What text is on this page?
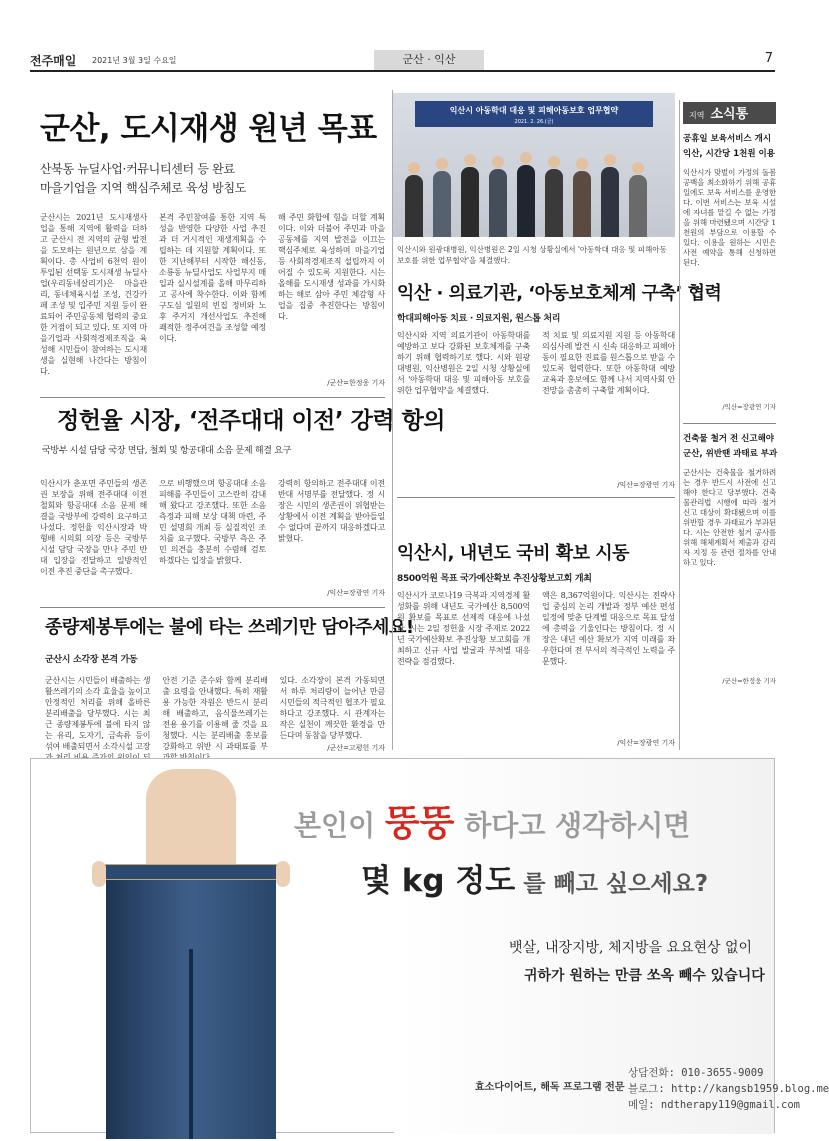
전주매일 2021년 3월 3일 수요일	군산 · 익산	7
군산, 도시재생 원년 목표
산북동 뉴딜사업·커뮤니티센터 등 완료
마을기업을 지역 핵심주체로 육성 방침도
군산시는 2021년 도시재생사업을 통해 지역에 활력을 더하고 군산시 전 지역의 균형 발전을 도모하는 원년으로 삼을 계획이다. 총 사업비 6천억 원이 투입된 선택동 도시재생 뉴딜사업(우리동네살리기)은 마을관리, 동네체육시설 조성, 건강카페 조성 및 입주민 지원 등이 완료되어 주민공동체 협력의 중요한 거점이 되고 있다. 또 지역 마을기업과 사회적경제조직을 육성해 시민들이 참여하는 도시재생을 실현해 나간다는 방침이다.
본격 주민참여를 통한 지역 특성을 반영한 다양한 사업 추진과 더 거시적인 재생계획을 수립하는 데 지원할 계획이다. 또한 지난해부터 시작한 해신동, 소룡동 뉴딜사업도 사업부지 매입과 실시설계를 올해 마무리하고 공사에 착수한다. 이와 함께 구도심 일원의 빈집 정비와 노후 주거지 개선사업도 추진해 쾌적한 정주여건을 조성할 예정이다.
해 주민 화합에 힘을 더할 계획이다. 이와 더불어 주민과 마을공동체를 지역 발전을 이끄는 핵심주체로 육성하며 마을기업 등 사회적경제조직 설립까지 이어질 수 있도록 지원한다. 시는 올해를 도시재생 성과를 가시화하는 해로 삼아 주민 체감형 사업을 집중 추진한다는 방침이다.
/군산=한정웅 기자
정헌율 시장, ‘전주대대 이전’ 강력 항의
국방부 시설 담당 국장 면담, 철회 및 항공대대 소음 문제 해결 요구
익산시가 춘포면 주민들의 생존권 보장을 위해 전주대대 이전 철회와 항공대대 소음 문제 해결을 국방부에 강력히 요구하고 나섰다. 정헌율 익산시장과 박형배 시의회 의장 등은 국방부 시설 담당 국장을 만나 주민 반대 입장을 전달하고 일방적인 이전 추진 중단을 촉구했다.
으로 비행했으며 항공대대 소음 피해를 주민들이 고스란히 감내해 왔다고 강조했다. 또한 소음 측정과 피해 보상 대책 마련, 주민 설명회 개최 등 실질적인 조치를 요구했다. 국방부 측은 주민 의견을 충분히 수렴해 검토하겠다는 입장을 밝혔다.
강력히 항의하고 전주대대 이전 반대 서명부를 전달했다. 정 시장은 시민의 생존권이 위협받는 상황에서 이전 계획을 받아들일 수 없다며 끝까지 대응하겠다고 밝혔다.
/익산=장광연 기자
종량제봉투에는 불에 타는 쓰레기만 담아주세요!
군산시 소각장 본격 가동
군산시는 시민들이 배출하는 생활쓰레기의 소각 효율을 높이고 안정적인 처리를 위해 올바른 분리배출을 당부했다. 시는 최근 종량제봉투에 불에 타지 않는 유리, 도자기, 금속류 등이 섞여 배출되면서 소각시설 고장
안전 기준 준수와 함께 분리배출 요령을 안내했다. 특히 재활용 가능한 자원은 반드시 분리해 배출하고, 음식물쓰레기는 전용 용기를 이용해 줄 것을 요청했다. 시는 분리배출 홍보를 강화하고 위반 시 과태료를 부
있다. 소각장이 본격 가동되면서 하루 처리량이 늘어난 만큼 시민들의 적극적인 협조가 필요하다고 강조했다. 시 관계자는 작은 실천이 깨끗한 환경을 만든다며 동참을 당부했다.
/군산=고평헌 기자
익산시 아동학대 대응 및 피해아동보호 업무협약
2021. 2. 26.(금)
익산시와 원광대병원, 익산병원은 2일 시청 상황실에서 '아동학대 대응 및 피해아동 보호를 위한 업무협약'을 체결했다.
익산 · 의료기관, ‘아동보호체계 구축’ 협력
학대피해아동 치료 · 의료지원, 원스톱 처리
익산시와 지역 의료기관이 아동학대를 예방하고 보다 강화된 보호체계를 구축하기 위해 협력하기로 했다. 시와 원광대병원, 익산병원은 2일 시청 상황실에서 '아동학대 대응 및 피해아동 보호를 위한 업무협약'을 체결했다.
적 치료 및 의료지원 지원 등 아동학대 의심사례 발견 시 신속 대응하고 피해아동이 필요한 진료를 원스톱으로 받을 수 있도록 협력한다. 또한 아동학대 예방 교육과 홍보에도 함께 나서 지역사회 안전망을 촘촘히 구축할 계획이다.
/익산=장광연 기자
익산시, 내년도 국비 확보 시동
8500억원 목표 국가예산확보 추진상황보고회 개최
익산시가 코로나19 극복과 지역경제 활성화를 위해 내년도 국가예산 8,500억원 확보를 목표로 선제적 대응에 나섰다. 시는 2일 정헌율 시장 주재로 2022년 국가예산확보 추진상황 보고회를 개최하고 신규 사업 발굴과 부처별 대응 전략을 점검했다.
액은 8,367억원이다. 익산시는 전략사업 중심의 논리 개발과 정부 예산 편성 일정에 맞춘 단계별 대응으로 목표 달성에 총력을 기울인다는 방침이다. 정 시장은 내년 예산 확보가 지역 미래를 좌우한다며 전 부서의 적극적인 노력을 주문했다.
/익산=장광연 기자
지역 소식통
공휴일 보육서비스 개시
익산, 시간당 1천원 이용
익산시가 맞벌이 가정의 돌봄 공백을 최소화하기 위해 공휴일에도 보육 서비스를 운영한다. 이번 서비스는 보육 시설에 자녀를 맡길 수 없는 가정을 위해 마련됐으며 시간당 1천원의 부담으로 이용할 수 있다. 이용을 원하는 시민은 사전 예약을 통해 신청하면 된다.
/익산=장광연 기자
건축물 철거 전 신고해야
군산, 위반땐 과태료 부과
군산시는 건축물을 철거하려는 경우 반드시 사전에 신고해야 한다고 당부했다. 건축물관리법 시행에 따라 철거 신고 대상이 확대됐으며 이를 위반할 경우 과태료가 부과된다. 시는 안전한 철거 공사를 위해 해체계획서 제출과 감리자 지정 등 관련 절차를 안내하고 있다.
/군산=한정웅 기자
본인이 뚱뚱 하다고 생각하시면
몇 kg 정도 를 빼고 싶으세요?
뱃살, 내장지방, 체지방을 요요현상 없이
귀하가 원하는 만큼 쏘옥 빼수 있습니다
효소다이어트, 해독 프로그램 전문
상담전화: 010-3655-9009
블로그: http://kangsb1959.blog.me
메일: ndtherapy119@gmail.com
